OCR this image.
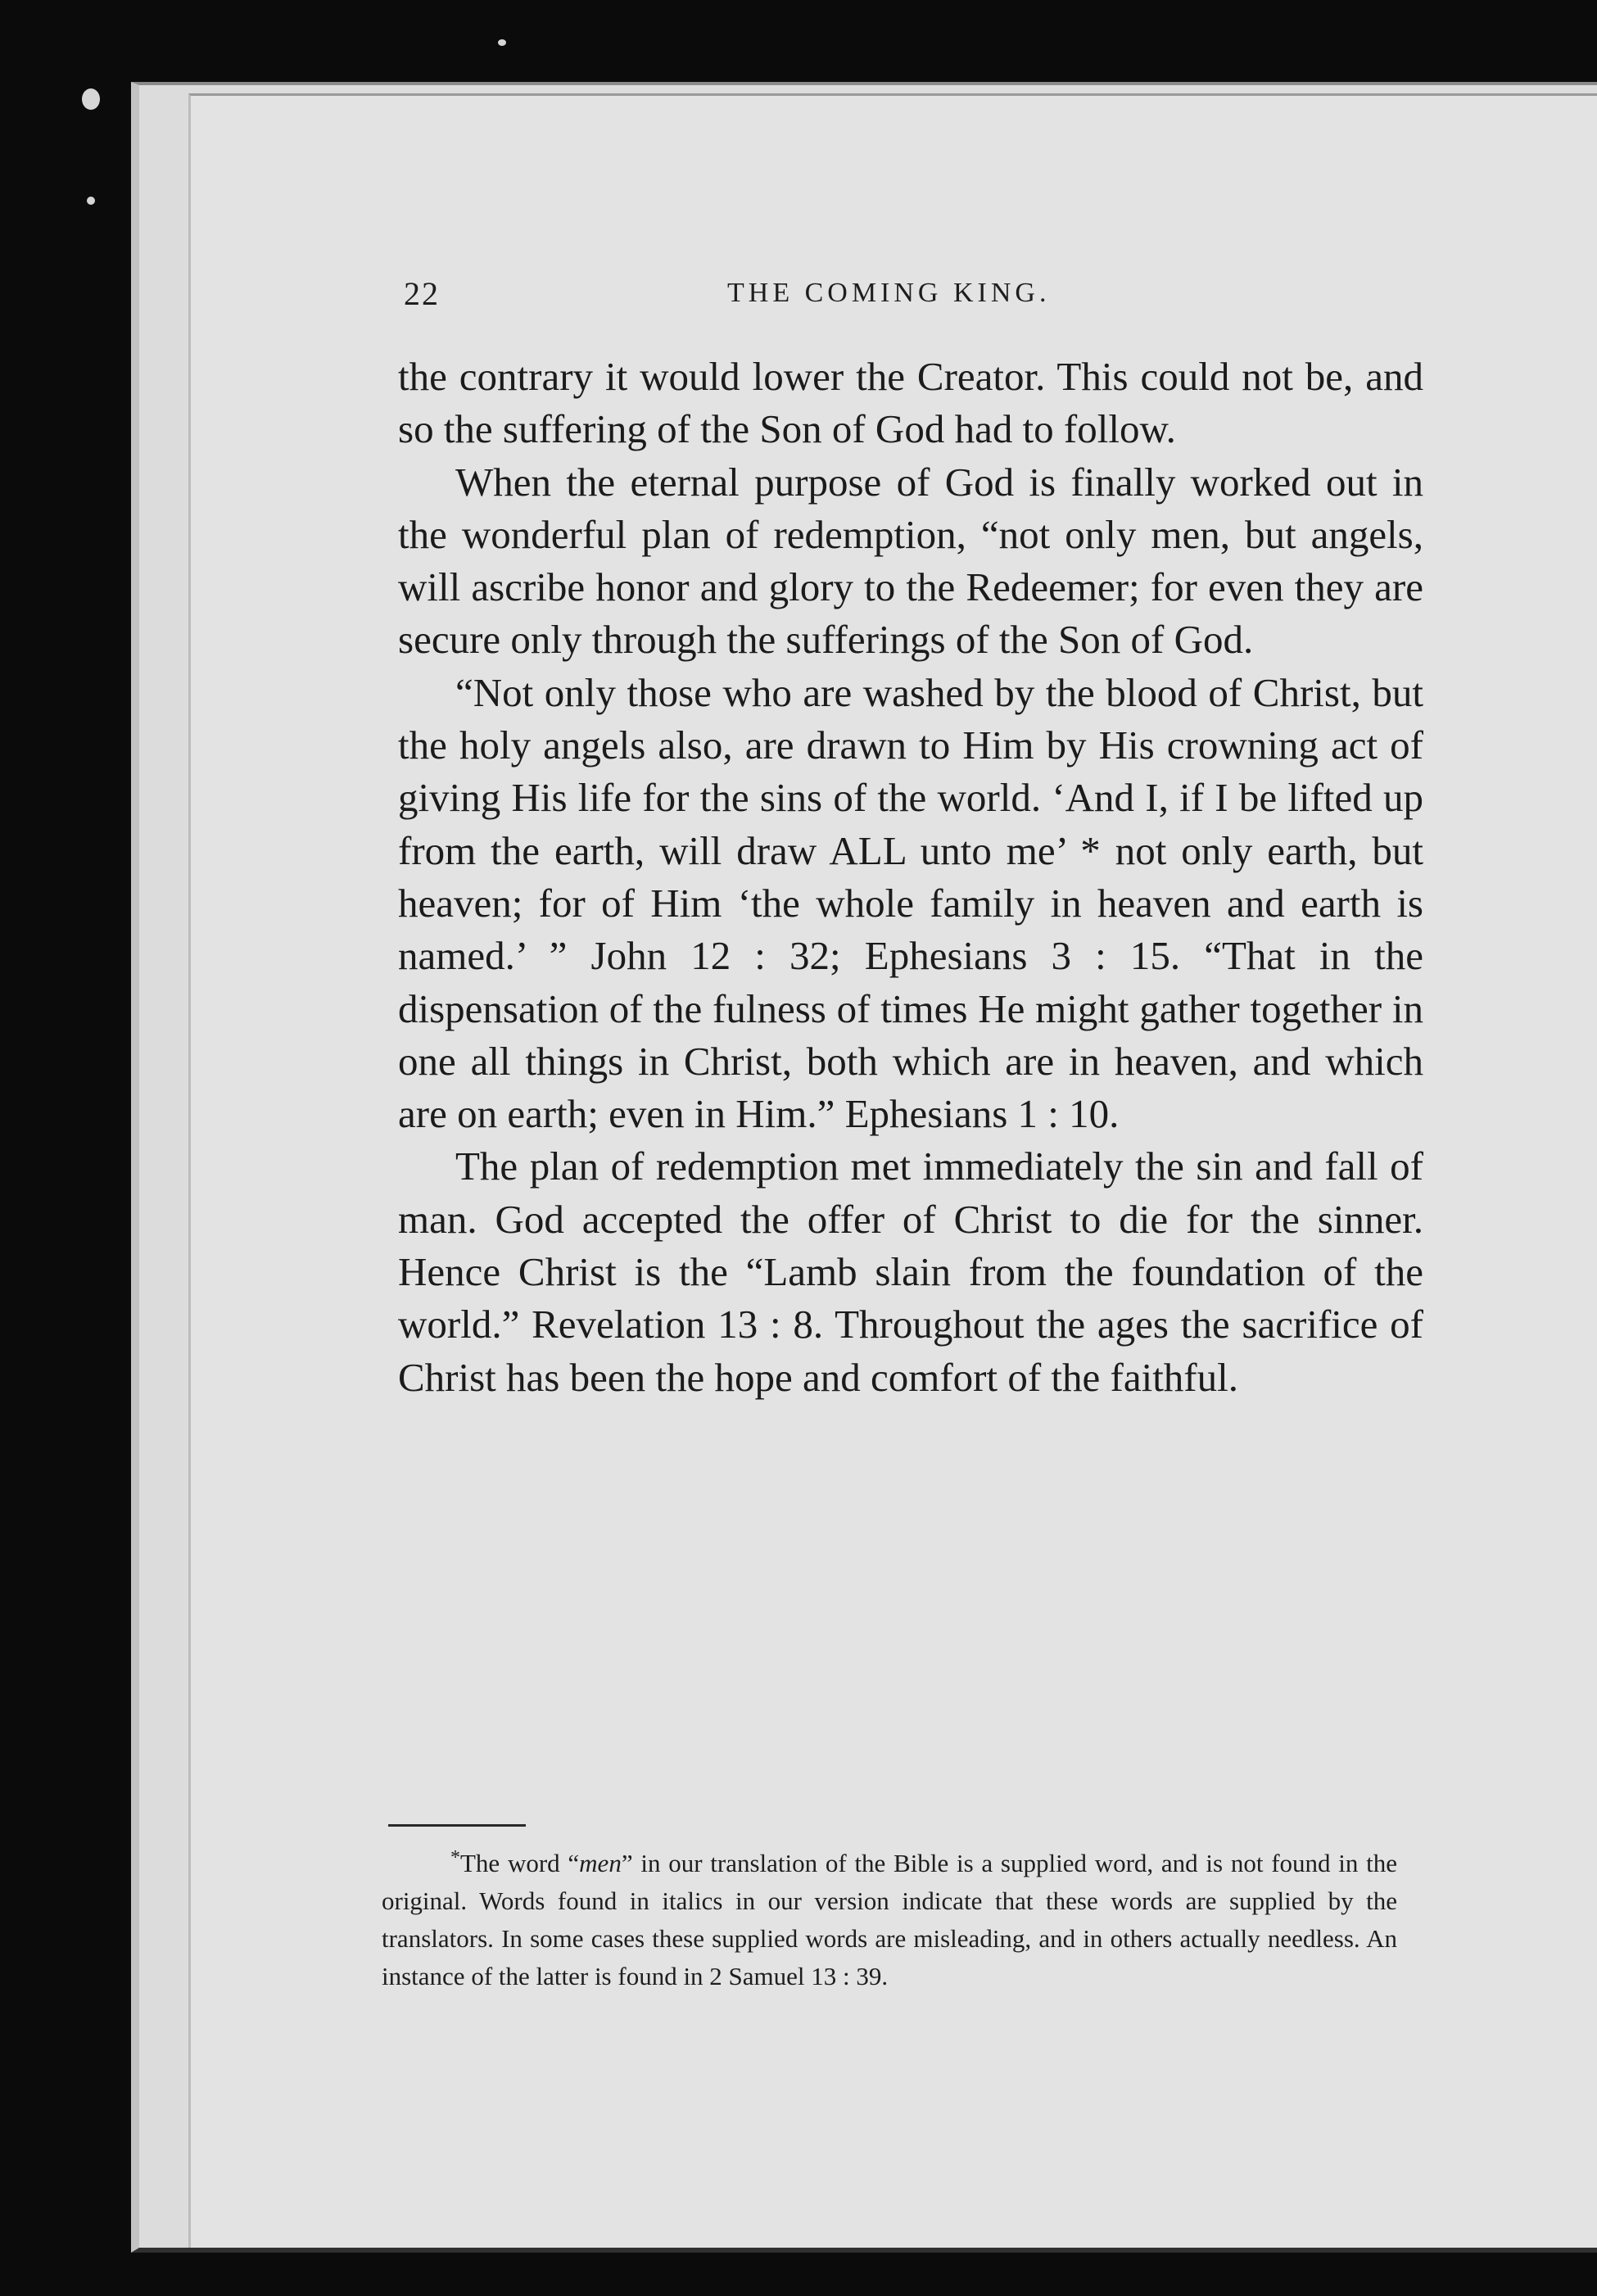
22	THE COMING KING.

the contrary it would lower the Creator. This could not be, and so the suffering of the Son of God had to follow.

When the eternal purpose of God is finally worked out in the wonderful plan of redemption, “not only men, but angels, will ascribe honor and glory to the Redeemer; for even they are secure only through the sufferings of the Son of God.

“Not only those who are washed by the blood of Christ, but the holy angels also, are drawn to Him by His crowning act of giving His life for the sins of the world. ‘And I, if I be lifted up from the earth, will draw ALL unto me’ * not only earth, but heaven; for of Him ‘the whole family in heaven and earth is named.’ ” John 12 : 32; Ephesians 3 : 15. “That in the dispensation of the fulness of times He might gather together in one all things in Christ, both which are in heaven, and which are on earth; even in Him.” Ephesians 1 : 10.

The plan of redemption met immediately the sin and fall of man. God accepted the offer of Christ to die for the sinner. Hence Christ is the “Lamb slain from the foundation of the world.” Revelation 13 : 8. Throughout the ages the sacrifice of Christ has been the hope and comfort of the faithful.

*The word “men” in our translation of the Bible is a supplied word, and is not found in the original. Words found in italics in our version indicate that these words are supplied by the translators. In some cases these supplied words are misleading, and in others actually needless. An instance of the latter is found in 2 Samuel 13 : 39.
